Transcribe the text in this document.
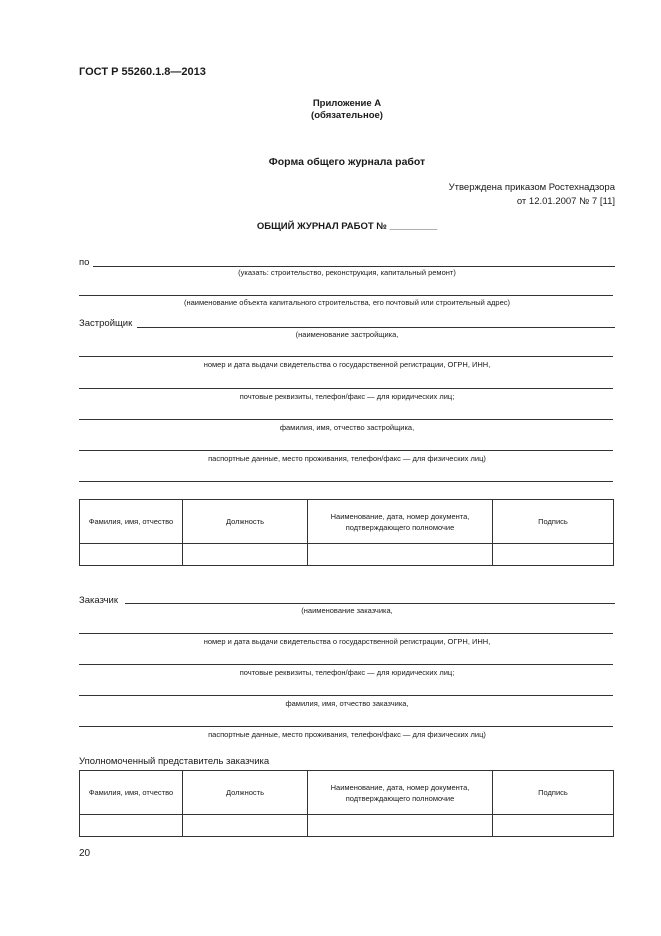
ГОСТ Р 55260.1.8—2013
Приложение А
(обязательное)
Форма общего журнала работ
Утверждена приказом Ростехнадзора
от 12.01.2007 № 7 [11]
ОБЩИЙ ЖУРНАЛ РАБОТ № _________
по
(указать: строительство, реконструкция, капитальный ремонт)
(наименование объекта капитального строительства, его почтовый или строительный адрес)
Застройщик
(наименование застройщика,
номер и дата выдачи свидетельства о государственной регистрации, ОГРН, ИНН,
почтовые реквизиты, телефон/факс — для юридических лиц;
фамилия, имя, отчество застройщика,
паспортные данные, место проживания, телефон/факс — для физических лиц)
Фамилия, имя, отчество	Должность	Наименование, дата, номер документа, подтверждающего полномочие	Подпись

Заказчик
(наименование заказчика,
номер и дата выдачи свидетельства о государственной регистрации, ОГРН, ИНН,
почтовые реквизиты, телефон/факс — для юридических лиц;
фамилия, имя, отчество заказчика,
паспортные данные, место проживания, телефон/факс — для физических лиц)
Уполномоченный представитель заказчика
Фамилия, имя, отчество	Должность	Наименование, дата, номер документа, подтверждающего полномочие	Подпись

20
